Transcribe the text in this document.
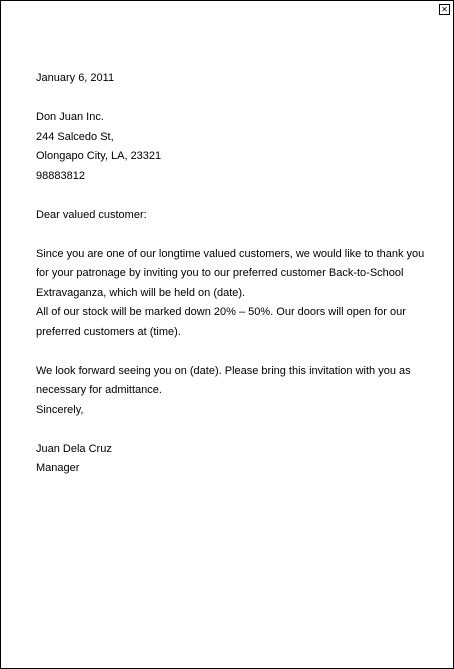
✕
January 6, 2011
Don Juan Inc.
244 Salcedo St,
Olongapo City, LA, 23321
98883812
Dear valued customer:
Since you are one of our longtime valued customers, we would like to thank you
for your patronage by inviting you to our preferred customer Back-to-School
Extravaganza, which will be held on (date).
All of our stock will be marked down 20% – 50%. Our doors will open for our
preferred customers at (time).
We look forward seeing you on (date). Please bring this invitation with you as
necessary for admittance.
Sincerely,
Juan Dela Cruz
Manager
